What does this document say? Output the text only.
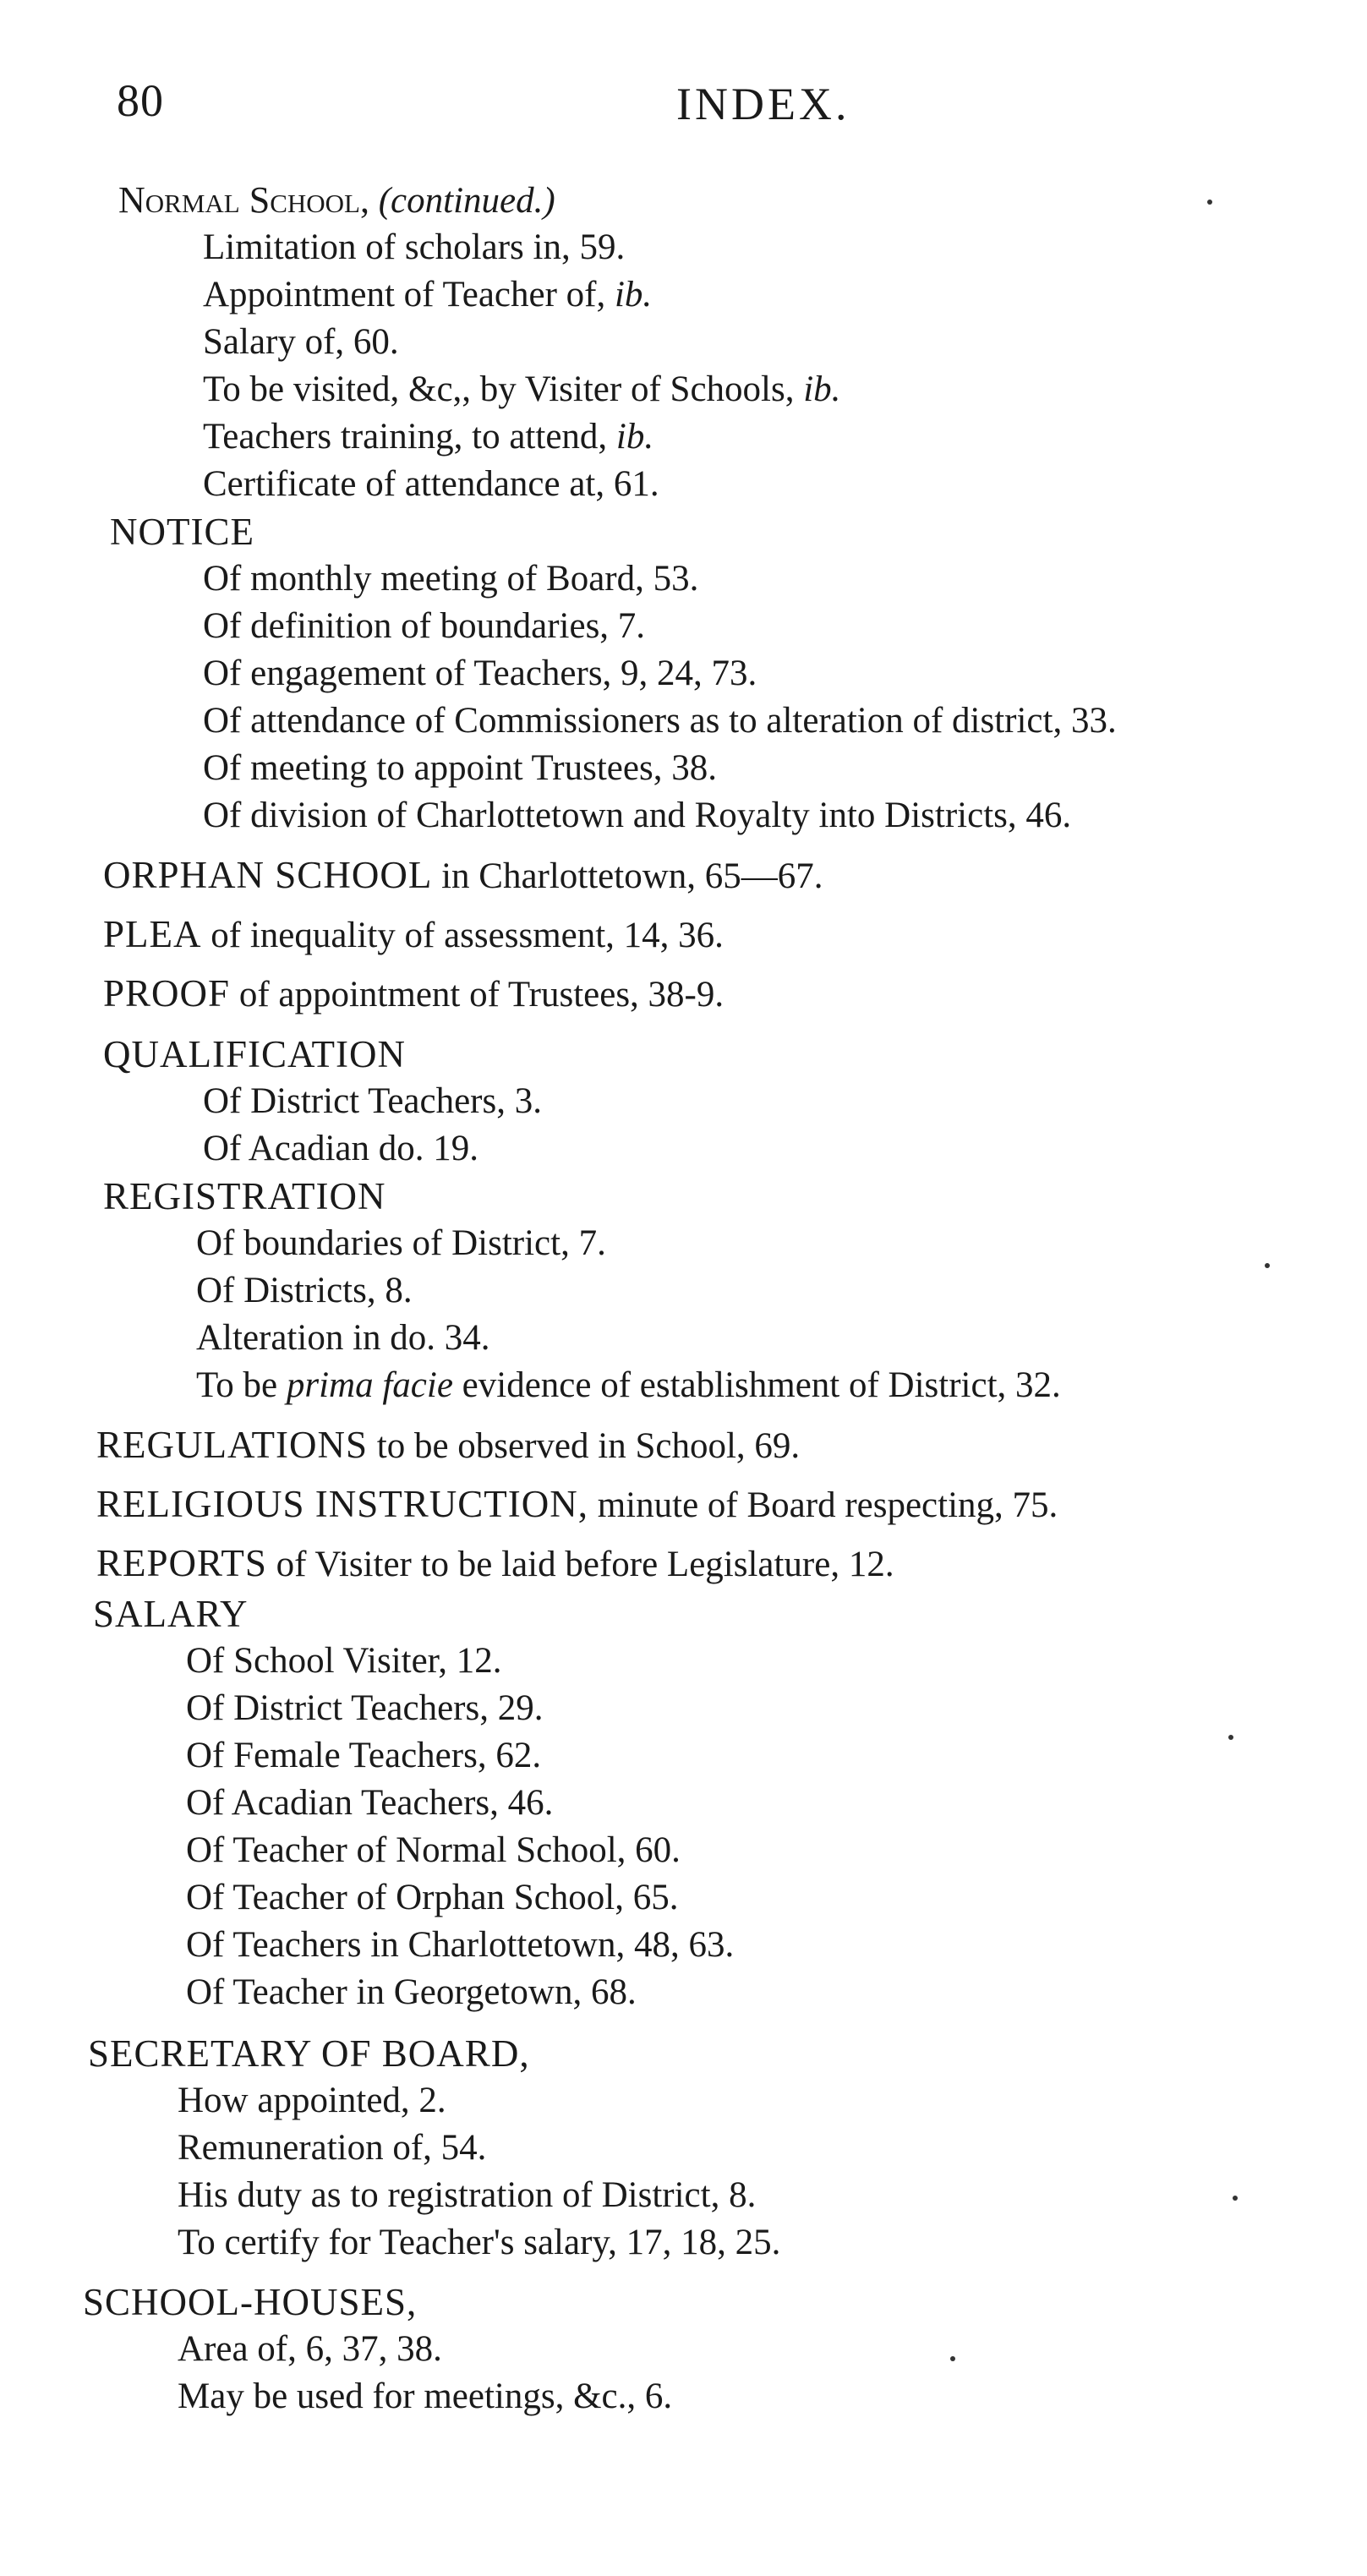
80	INDEX.
Normal School, (continued.)
Limitation of scholars in, 59.
Appointment of Teacher of, ib.
Salary of, 60.
To be visited, &c,, by Visiter of Schools, ib.
Teachers training, to attend, ib.
Certificate of attendance at, 61.
NOTICE
Of monthly meeting of Board, 53.
Of definition of boundaries, 7.
Of engagement of Teachers, 9, 24, 73.
Of attendance of Commissioners as to alteration of district, 33.
Of meeting to appoint Trustees, 38.
Of division of Charlottetown and Royalty into Districts, 46.
ORPHAN SCHOOL in Charlottetown, 65—67.
PLEA of inequality of assessment, 14, 36.
PROOF of appointment of Trustees, 38-9.
QUALIFICATION
Of District Teachers, 3.
Of Acadian do. 19.
REGISTRATION
Of boundaries of District, 7.
Of Districts, 8.
Alteration in do. 34.
To be prima facie evidence of establishment of District, 32.
REGULATIONS to be observed in School, 69.
RELIGIOUS INSTRUCTION, minute of Board respecting, 75.
REPORTS of Visiter to be laid before Legislature, 12.
SALARY
Of School Visiter, 12.
Of District Teachers, 29.
Of Female Teachers, 62.
Of Acadian Teachers, 46.
Of Teacher of Normal School, 60.
Of Teacher of Orphan School, 65.
Of Teachers in Charlottetown, 48, 63.
Of Teacher in Georgetown, 68.
SECRETARY OF BOARD,
How appointed, 2.
Remuneration of, 54.
His duty as to registration of District, 8.
To certify for Teacher's salary, 17, 18, 25.
SCHOOL-HOUSES,
Area of, 6, 37, 38.
May be used for meetings, &c., 6.
